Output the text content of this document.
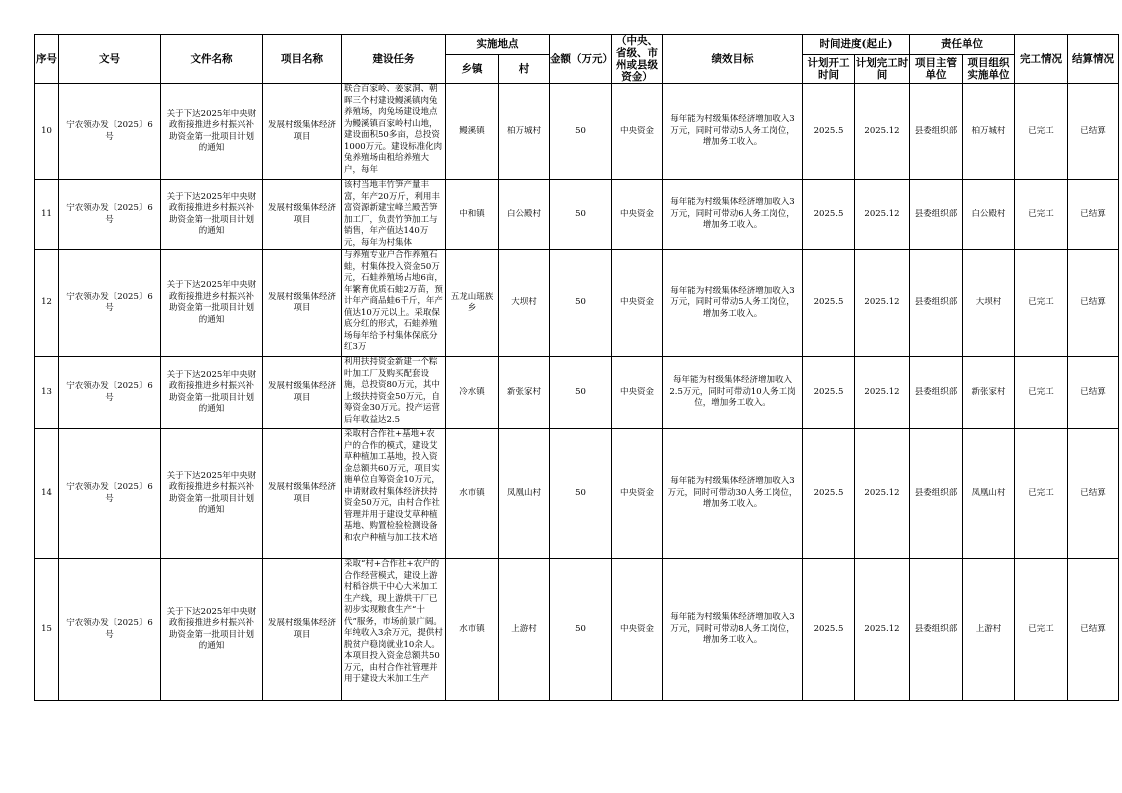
序号	文号	文件名称	项目名称	建设任务	实施地点		金额（万元）	（中央、省级、市州或县级资金）	绩效目标	时间进度(起止)		责任单位		完工情况	结算情况
					乡镇	村				计划开工时间	计划完工时间	项目主管单位	项目组织实施单位		

10	宁农领办发〔2025〕6号	关于下达2025年中央财政衔接推进乡村振兴补助资金第一批项目计划的通知	发展村级集体经济项目	联合百家岭、姜家洞、朝晖三个村建设鳗溪镇肉兔养殖场，肉兔场建设地点为鳗溪镇百家岭村山地，建设面积50多亩，总投资1000万元。建设标准化肉兔养殖场由租给养殖大户，每年	鳗溪镇	柏万城村	50	中央资金	每年能为村级集体经济增加收入3万元，同时可带动5人务工岗位，增加务工收入。	2025.5	2025.12	县委组织部	柏万城村	已完工	已结算

11	宁农领办发〔2025〕6号	关于下达2025年中央财政衔接推进乡村振兴补助资金第一批项目计划的通知	发展村级集体经济项目	该村当地丰竹笋产量丰富，年产20万斤，利用丰富资源新建宝峰兰殿苦笋加工厂，负责竹笋加工与销售，年产值达140万元，每年为村集体	中和镇	白公殿村	50	中央资金	每年能为村级集体经济增加收入3万元，同时可带动6人务工岗位，增加务工收入。	2025.5	2025.12	县委组织部	白公殿村	已完工	已结算

12	宁农领办发〔2025〕6号	关于下达2025年中央财政衔接推进乡村振兴补助资金第一批项目计划的通知	发展村级集体经济项目	与养殖专业户合作养殖石蛙，村集体投入资金50万元，石蛙养殖场占地6亩，年繁育优质石蛙2万苗，预计年产商品蛙6千斤，年产值达10万元以上。采取保底分红的形式，石蛙养殖场每年给予村集体保底分红3万	五龙山瑶族乡	大坝村	50	中央资金	每年能为村级集体经济增加收入3万元，同时可带动5人务工岗位，增加务工收入。	2025.5	2025.12	县委组织部	大坝村	已完工	已结算

13	宁农领办发〔2025〕6号	关于下达2025年中央财政衔接推进乡村振兴补助资金第一批项目计划的通知	发展村级集体经济项目	利用扶持资金新建一个粽叶加工厂及购买配套设施，总投资80万元，其中上级扶持资金50万元，自筹资金30万元。投产运营后年收益达2.5	冷水镇	新张家村	50	中央资金	每年能为村级集体经济增加收入2.5万元，同时可带动10人务工岗位，增加务工收入。	2025.5	2025.12	县委组织部	新张家村	已完工	已结算

14	宁农领办发〔2025〕6号	关于下达2025年中央财政衔接推进乡村振兴补助资金第一批项目计划的通知	发展村级集体经济项目	采取村合作社+基地+农户的合作的模式，建设艾草种植加工基地，投入资金总额共60万元，项目实施单位自筹资金10万元，申请财政村集体经济扶持资金50万元，由村合作社管理并用于建设艾草种植基地、购置检验检测设备和农户种植与加工技术培	水市镇	凤凰山村	50	中央资金	每年能为村级集体经济增加收入3万元，同时可带动30人务工岗位，增加务工收入。	2025.5	2025.12	县委组织部	凤凰山村	已完工	已结算

15	宁农领办发〔2025〕6号	关于下达2025年中央财政衔接推进乡村振兴补助资金第一批项目计划的通知	发展村级集体经济项目	采取“村+合作社+农户的合作经营模式，建设上游村稻谷烘干中心大米加工生产线，现上游烘干厂已初步实现粮食生产“十代”服务，市场前景广阔。年纯收入3余万元，提供村脱贫户稳岗就业10余人。本项目投入资金总额共50万元，由村合作社管理并用于建设大米加工生产	水市镇	上游村	50	中央资金	每年能为村级集体经济增加收入3万元，同时可带动8人务工岗位，增加务工收入。	2025.5	2025.12	县委组织部	上游村	已完工	已结算
